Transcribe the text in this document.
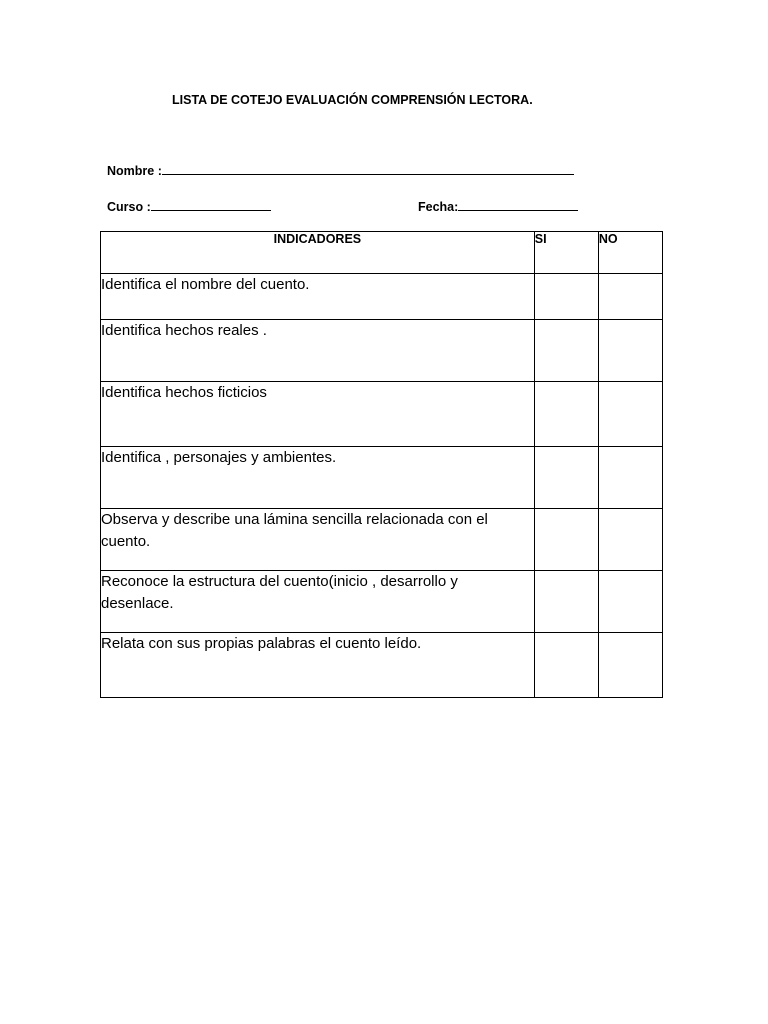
LISTA DE COTEJO EVALUACIÓN COMPRENSIÓN LECTORA.
Nombre :
Curso :	Fecha:
INDICADORES	SI	NO
Identifica el nombre del cuento.		
Identifica hechos reales .		
Identifica hechos ficticios		
Identifica , personajes y ambientes.		
Observa y describe una lámina sencilla relacionada con el cuento.		
Reconoce la estructura del cuento(inicio , desarrollo y desenlace.		
Relata con sus propias palabras el cuento leído.		
